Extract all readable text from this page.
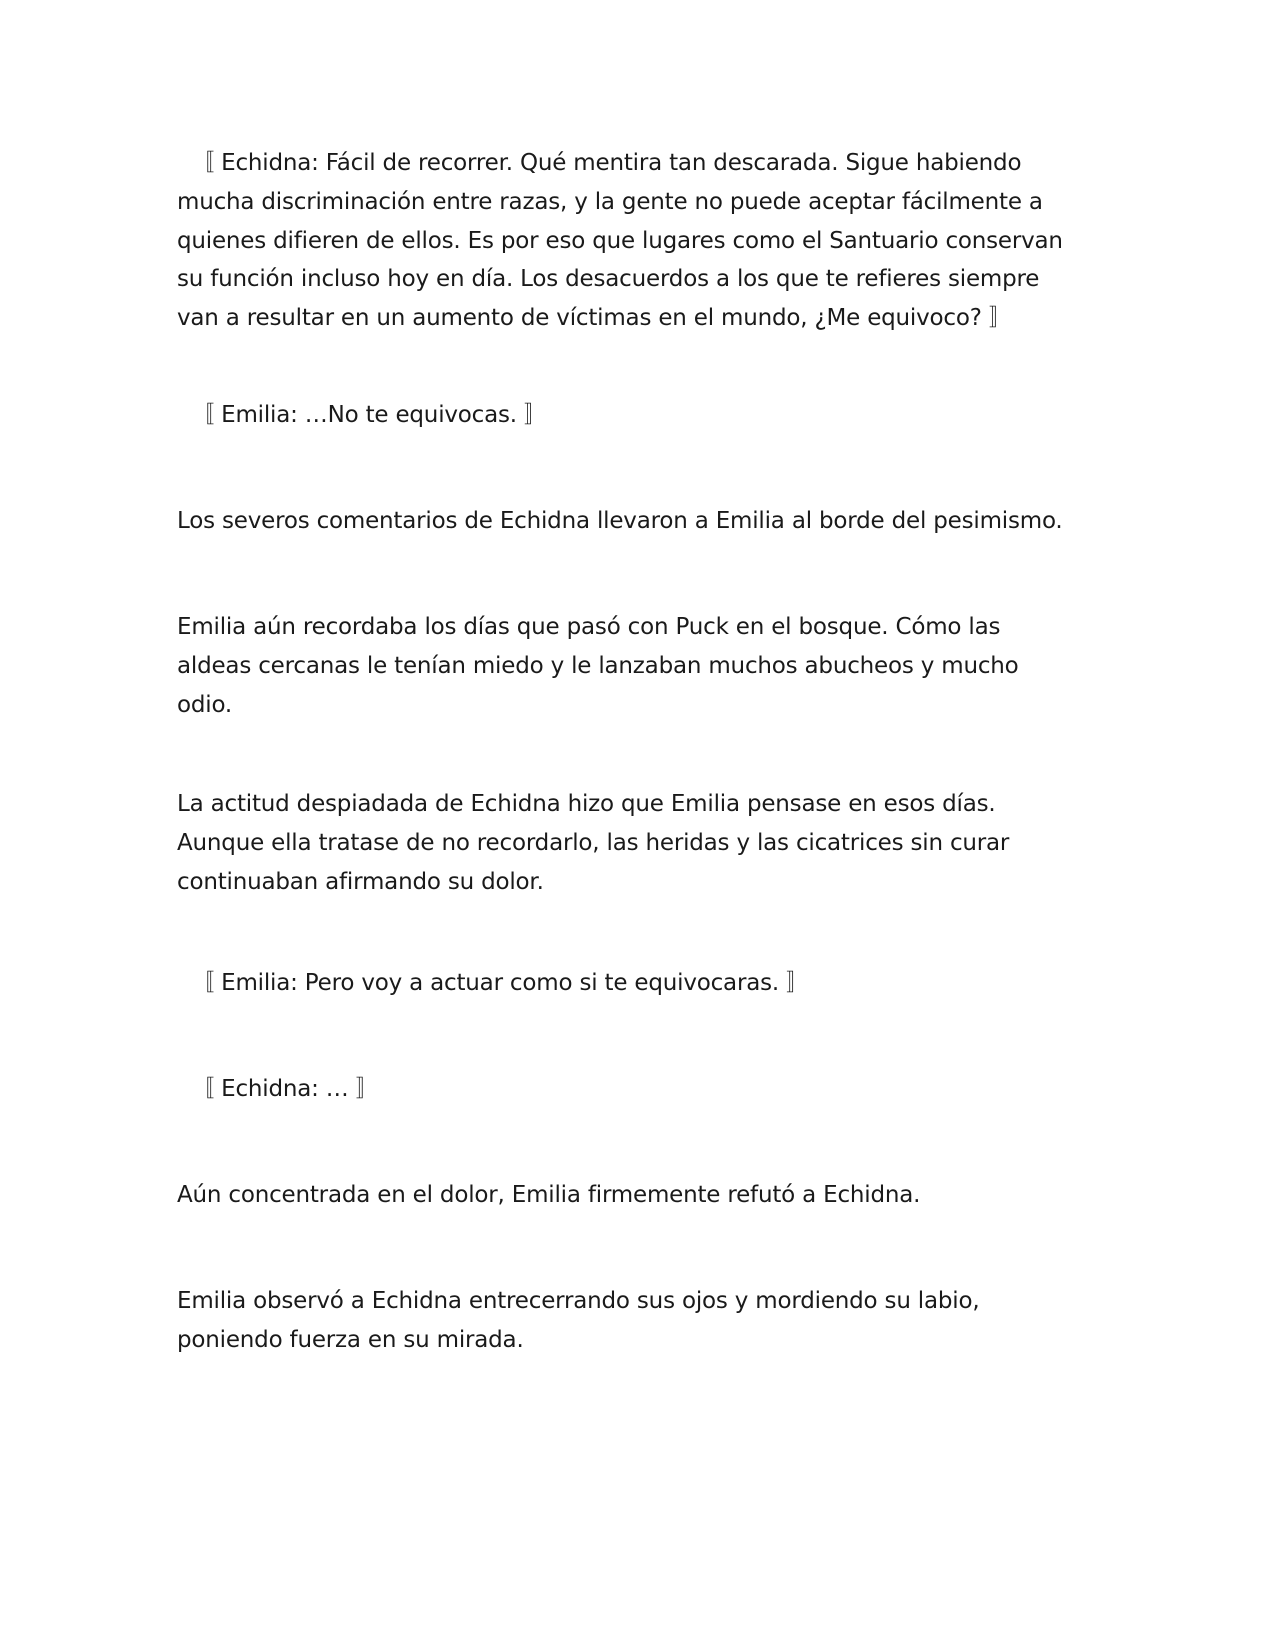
〚 Echidna: Fácil de recorrer. Qué mentira tan descarada. Sigue habiendo
mucha discriminación entre razas, y la gente no puede aceptar fácilmente a
quienes difieren de ellos. Es por eso que lugares como el Santuario conservan
su función incluso hoy en día. Los desacuerdos a los que te refieres siempre
van a resultar en un aumento de víctimas en el mundo, ¿Me equivoco? 〛

〚 Emilia: …No te equivocas. 〛

Los severos comentarios de Echidna llevaron a Emilia al borde del pesimismo.

Emilia aún recordaba los días que pasó con Puck en el bosque. Cómo las
aldeas cercanas le tenían miedo y le lanzaban muchos abucheos y mucho
odio.

La actitud despiadada de Echidna hizo que Emilia pensase en esos días.
Aunque ella tratase de no recordarlo, las heridas y las cicatrices sin curar
continuaban afirmando su dolor.

〚 Emilia: Pero voy a actuar como si te equivocaras. 〛

〚 Echidna: … 〛

Aún concentrada en el dolor, Emilia firmemente refutó a Echidna.

Emilia observó a Echidna entrecerrando sus ojos y mordiendo su labio,
poniendo fuerza en su mirada.
